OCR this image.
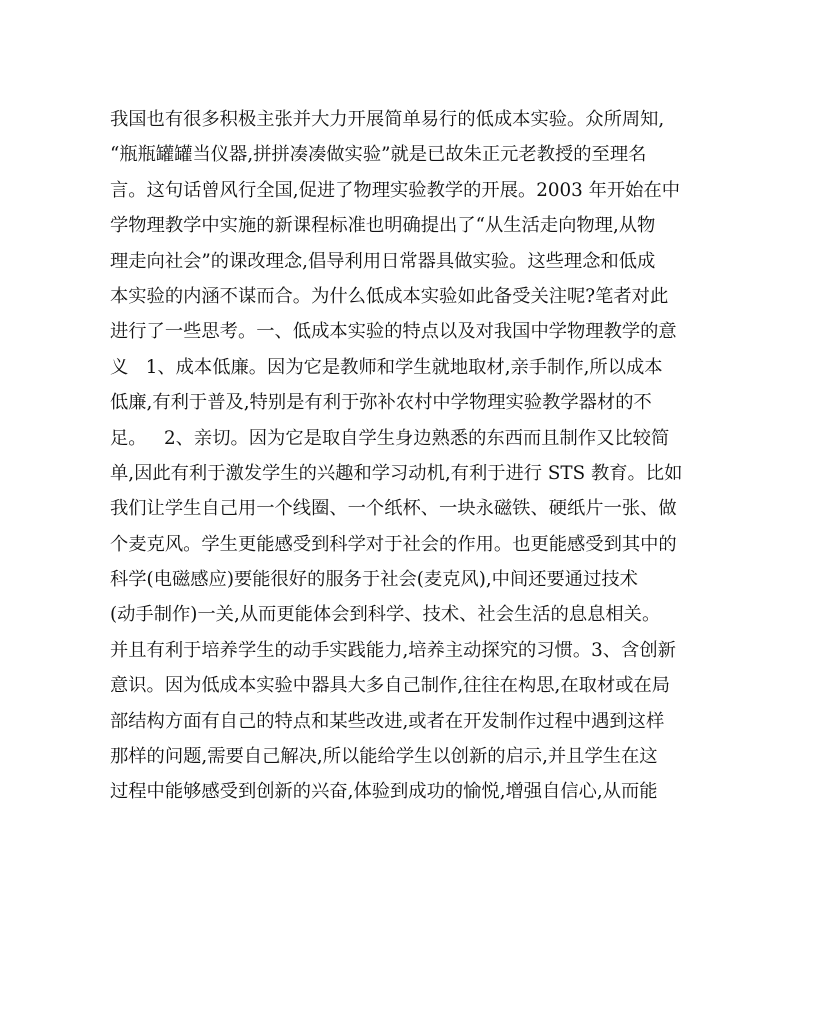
我国也有很多积极主张并大力开展简单易行的低成本实验。众所周知,
“瓶瓶罐罐当仪器,拼拼凑凑做实验”就是已故朱正元老教授的至理名
言。这句话曾风行全国,促进了物理实验教学的开展。2003 年开始在中
学物理教学中实施的新课程标准也明确提出了“从生活走向物理,从物
理走向社会”的课改理念,倡导利用日常器具做实验。这些理念和低成
本实验的内涵不谋而合。为什么低成本实验如此备受关注呢?笔者对此
进行了一些思考。一、低成本实验的特点以及对我国中学物理教学的意
义   1、成本低廉。因为它是教师和学生就地取材,亲手制作,所以成本
低廉,有利于普及,特别是有利于弥补农村中学物理实验教学器材的不
足。   2、亲切。因为它是取自学生身边熟悉的东西而且制作又比较简
单,因此有利于激发学生的兴趣和学习动机,有利于进行 STS 教育。比如
我们让学生自己用一个线圈、一个纸杯、一块永磁铁、硬纸片一张、做
个麦克风。学生更能感受到科学对于社会的作用。也更能感受到其中的
科学(电磁感应)要能很好的服务于社会(麦克风),中间还要通过技术
(动手制作)一关,从而更能体会到科学、技术、社会生活的息息相关。
并且有利于培养学生的动手实践能力,培养主动探究的习惯。3、含创新
意识。因为低成本实验中器具大多自己制作,往往在构思,在取材或在局
部结构方面有自己的特点和某些改进,或者在开发制作过程中遇到这样
那样的问题,需要自己解决,所以能给学生以创新的启示,并且学生在这
过程中能够感受到创新的兴奋,体验到成功的愉悦,增强自信心,从而能
